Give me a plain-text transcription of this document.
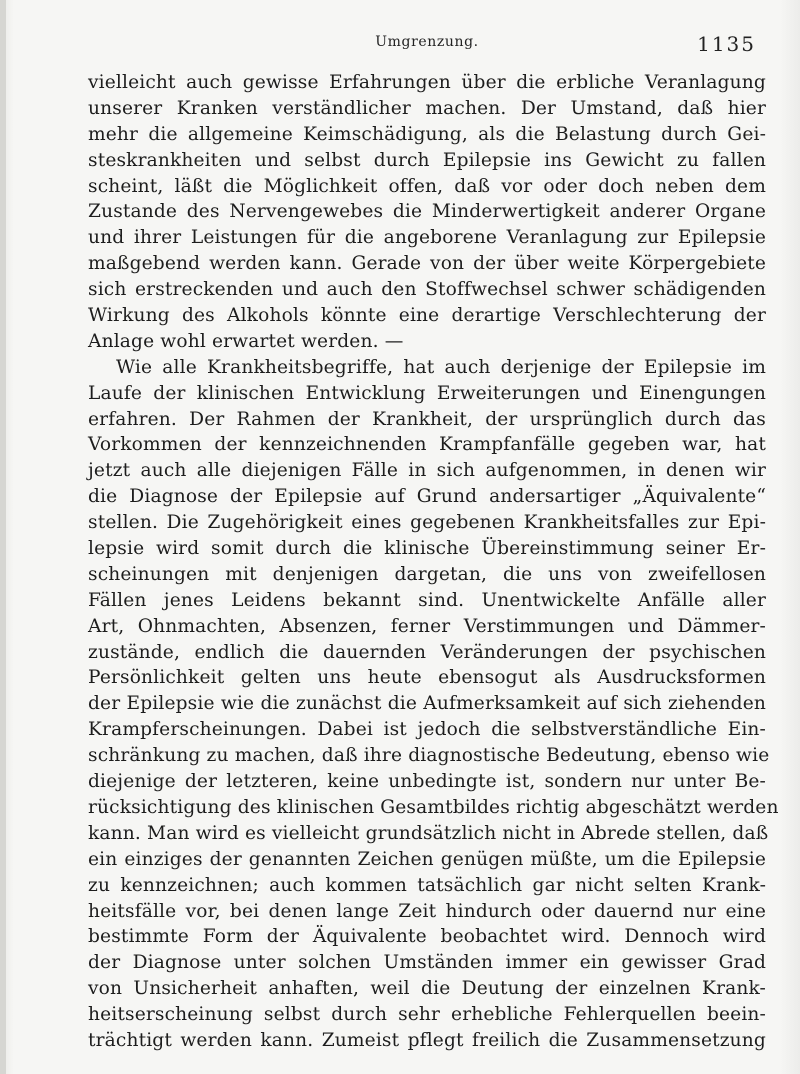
Umgrenzung.	1135
vielleicht auch gewisse Erfahrungen über die erbliche Veranlagung
unserer Kranken verständlicher machen. Der Umstand, daß hier
mehr die allgemeine Keimschädigung, als die Belastung durch Gei-
steskrankheiten und selbst durch Epilepsie ins Gewicht zu fallen
scheint, läßt die Möglichkeit offen, daß vor oder doch neben dem
Zustande des Nervengewebes die Minderwertigkeit anderer Organe
und ihrer Leistungen für die angeborene Veranlagung zur Epilepsie
maßgebend werden kann. Gerade von der über weite Körpergebiete
sich erstreckenden und auch den Stoffwechsel schwer schädigenden
Wirkung des Alkohols könnte eine derartige Verschlechterung der
Anlage wohl erwartet werden. —
Wie alle Krankheitsbegriffe, hat auch derjenige der Epilepsie im
Laufe der klinischen Entwicklung Erweiterungen und Einengungen
erfahren. Der Rahmen der Krankheit, der ursprünglich durch das
Vorkommen der kennzeichnenden Krampfanfälle gegeben war, hat
jetzt auch alle diejenigen Fälle in sich aufgenommen, in denen wir
die Diagnose der Epilepsie auf Grund andersartiger „Äquivalente“
stellen. Die Zugehörigkeit eines gegebenen Krankheitsfalles zur Epi-
lepsie wird somit durch die klinische Übereinstimmung seiner Er-
scheinungen mit denjenigen dargetan, die uns von zweifellosen
Fällen jenes Leidens bekannt sind. Unentwickelte Anfälle aller
Art, Ohnmachten, Absenzen, ferner Verstimmungen und Dämmer-
zustände, endlich die dauernden Veränderungen der psychischen
Persönlichkeit gelten uns heute ebensogut als Ausdrucksformen
der Epilepsie wie die zunächst die Aufmerksamkeit auf sich ziehenden
Krampferscheinungen. Dabei ist jedoch die selbstverständliche Ein-
schränkung zu machen, daß ihre diagnostische Bedeutung, ebenso wie
diejenige der letzteren, keine unbedingte ist, sondern nur unter Be-
rücksichtigung des klinischen Gesamtbildes richtig abgeschätzt werden
kann. Man wird es vielleicht grundsätzlich nicht in Abrede stellen, daß
ein einziges der genannten Zeichen genügen müßte, um die Epilepsie
zu kennzeichnen; auch kommen tatsächlich gar nicht selten Krank-
heitsfälle vor, bei denen lange Zeit hindurch oder dauernd nur eine
bestimmte Form der Äquivalente beobachtet wird. Dennoch wird
der Diagnose unter solchen Umständen immer ein gewisser Grad
von Unsicherheit anhaften, weil die Deutung der einzelnen Krank-
heitserscheinung selbst durch sehr erhebliche Fehlerquellen beein-
trächtigt werden kann. Zumeist pflegt freilich die Zusammensetzung
